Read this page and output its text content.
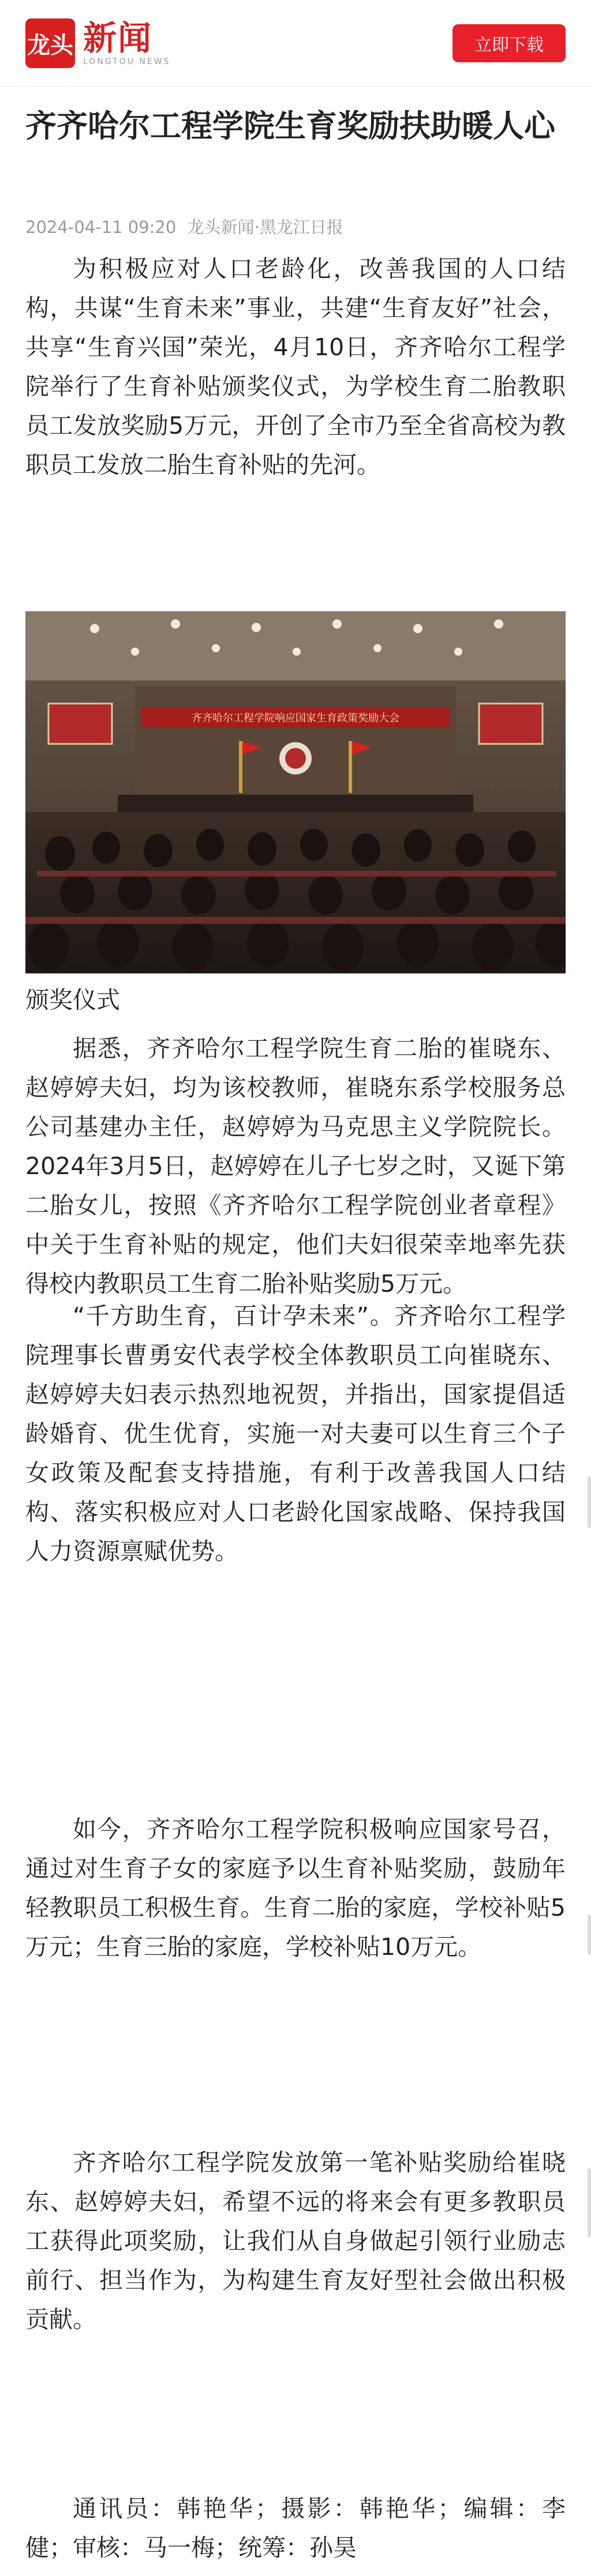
龙头 新闻
LONGTOU NEWS
立即下载
齐齐哈尔工程学院生育奖励扶助暖人心
2024-04-11 09:20 龙头新闻·黑龙江日报

为积极应对人口老龄化，改善我国的人口结构，共谋“生育未来”事业，共建“生育友好”社会，共享“生育兴国”荣光，4月10日，齐齐哈尔工程学院举行了生育补贴颁奖仪式，为学校生育二胎教职员工发放奖励5万元，开创了全市乃至全省高校为教职员工发放二胎生育补贴的先河。

齐齐哈尔工程学院响应国家生育政策奖励大会
颁奖仪式

据悉，齐齐哈尔工程学院生育二胎的崔晓东、赵婷婷夫妇，均为该校教师，崔晓东系学校服务总公司基建办主任，赵婷婷为马克思主义学院院长。2024年3月5日，赵婷婷在儿子七岁之时，又诞下第二胎女儿，按照《齐齐哈尔工程学院创业者章程》中关于生育补贴的规定，他们夫妇很荣幸地率先获得校内教职员工生育二胎补贴奖励5万元。

“千方助生育，百计孕未来”。齐齐哈尔工程学院理事长曹勇安代表学校全体教职员工向崔晓东、赵婷婷夫妇表示热烈地祝贺，并指出，国家提倡适龄婚育、优生优育，实施一对夫妻可以生育三个子女政策及配套支持措施，有利于改善我国人口结构、落实积极应对人口老龄化国家战略、保持我国人力资源禀赋优势。

如今，齐齐哈尔工程学院积极响应国家号召，通过对生育子女的家庭予以生育补贴奖励，鼓励年轻教职员工积极生育。生育二胎的家庭，学校补贴5万元；生育三胎的家庭，学校补贴10万元。

齐齐哈尔工程学院发放第一笔补贴奖励给崔晓东、赵婷婷夫妇，希望不远的将来会有更多教职员工获得此项奖励，让我们从自身做起引领行业励志前行、担当作为，为构建生育友好型社会做出积极贡献。

通讯员：韩艳华；摄影：韩艳华；编辑：李健；审核：马一梅；统筹：孙昊
